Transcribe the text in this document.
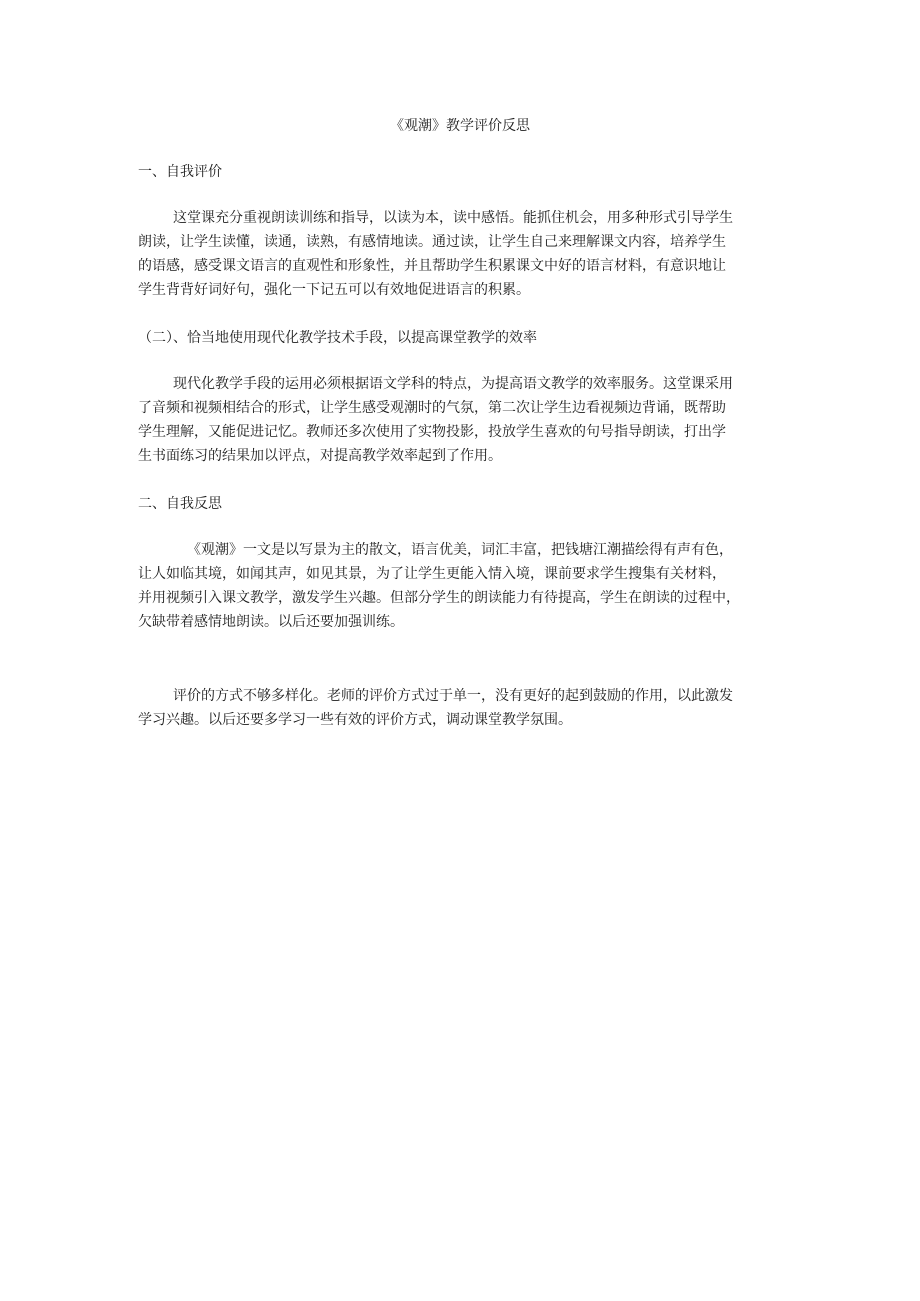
《观潮》教学评价反思
一、自我评价
这堂课充分重视朗读训练和指导，以读为本，读中感悟。能抓住机会，用多种形式引导学生
朗读，让学生读懂，读通，读熟，有感情地读。通过读，让学生自己来理解课文内容，培养学生
的语感，感受课文语言的直观性和形象性，并且帮助学生积累课文中好的语言材料，有意识地让
学生背背好词好句，强化一下记五可以有效地促进语言的积累。
（二）、恰当地使用现代化教学技术手段，以提高课堂教学的效率
现代化教学手段的运用必须根据语文学科的特点，为提高语文教学的效率服务。这堂课采用
了音频和视频相结合的形式，让学生感受观潮时的气氛，第二次让学生边看视频边背诵，既帮助
学生理解，又能促进记忆。教师还多次使用了实物投影，投放学生喜欢的句号指导朗读，打出学
生书面练习的结果加以评点，对提高教学效率起到了作用。
二、自我反思
《观潮》一文是以写景为主的散文，语言优美，词汇丰富，把钱塘江潮描绘得有声有色，
让人如临其境，如闻其声，如见其景，为了让学生更能入情入境，课前要求学生搜集有关材料，
并用视频引入课文教学，激发学生兴趣。但部分学生的朗读能力有待提高，学生在朗读的过程中，
欠缺带着感情地朗读。以后还要加强训练。
评价的方式不够多样化。老师的评价方式过于单一，没有更好的起到鼓励的作用，以此激发
学习兴趣。以后还要多学习一些有效的评价方式，调动课堂教学氛围。
